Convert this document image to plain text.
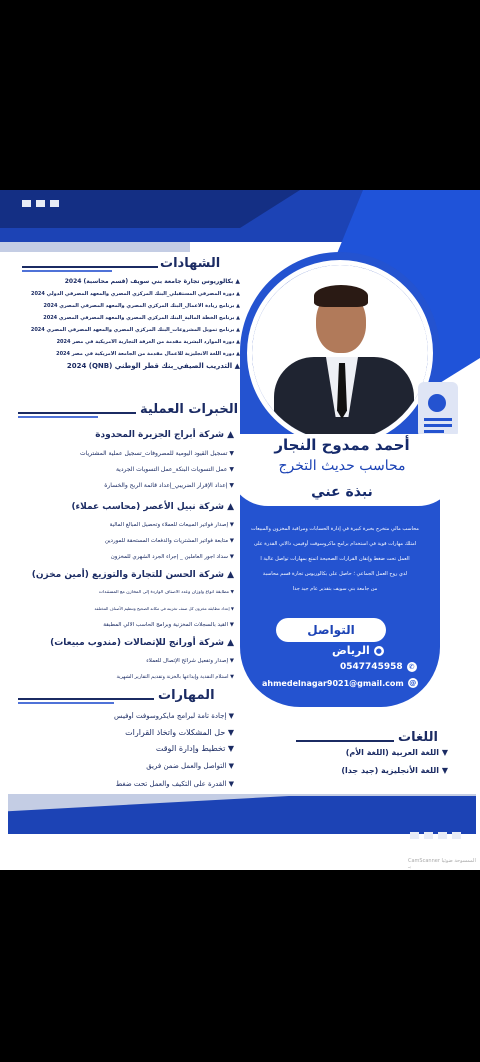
أحمد ممدوح النجار
محاسب حديث التخرج
نبذة عني
محاسب مالي متخرج بخبرة كبيرة في إدارة الحسابات ومراقبة المخزون والمبيعات
امتلك مهارات قوية في استخدام برامج ماكروسوفت أوفيس، دالاتي القدرة على
العمل تحت ضغط وإتقان القرارات الصحيحة اتمتع بمهارات تواصل عالية ا
لدي روح العمل الجماعي ؛ حاصل على بكالوريوس تجارة قسم محاسبة
من جامعة بني سويف بتقدير عام جيد جدا
التواصل
●
الرياض
0547745958 ✆
ahmedelnagar9021@gmail.com @
الشهادات
▲ بكالوريوس تجارة جامعة بني سويف (قسم محاسبة) 2024
▲ دورة المصرفي المستقبلي_البنك المركزي المصري والمعهد المصرفي الدولي 2024
▲ برنامج ريادة الأعمال_البنك المركزي المصري والمعهد المصرفي المصري 2024
▲ برنامج الخطة المالية_البنك المركزي المصري والمعهد المصرفي المصري 2024
▲ برنامج تمويل المشروعات_البنك المركزي المصري والمعهد المصرفي المصري 2024
▲ دورة الموارد البشرية مقدمة من الغرفة التجارية الأمريكية في مصر 2024
▲ دورة اللغة الانجليزية للاعمال مقدمة من الجامعة الأمريكية في مصر 2024
▲ التدريب الصيفي_بنك قطر الوطني (QNB) 2024
الخبرات العملية
▲ شركة أبراج الجزيرة المحدودة
▼ تسجيل القيود اليومية للمصروفات_تسجيل عملية المشتريات
▼ عمل التسويات البنكة_عمل التسويات الجردية
▼ إعداد الإقرار الضريبي_إعداد قائمة الربح والخسارة
▲ شركة نبيل الأعصر (محاسب عملاء)
▼ إصدار فواتير المبيعات للعملاء وتحصيل المبالغ المالية
▼ متابعة فواتير المشتريات والدفعات المستحقة للموردين
▼ سداد أجور العاملين _ إجراء الجرد الشهري للمخزون
▲ شركة الحسن للتجارة والتوزيع (أمين مخزن)
▼ مطابقة أنواع وأوزان وعدد الأصناف الواردة إلى المخازن مع المستندات
▼ إعداد مطابقة مخزون كل صنف تخزينه في مكانه الصحيح وتنظيم الأصناف المختلفة
▼ القيد بالسجلات المخزنية وبرامج الحاسب الآلي المطبقة
▲ شركة أورانج للإتصالات (مندوب مبيعات)
▼ إصدار وتفعيل شرائح الإتصال للعملاء
▼ استلام النقدية وإيداعها بالخزنة وتقديم التقارير الشهرية
المهارات
▼ إجادة تامة لبرامج مايكروسوفت أوفيس
▼ حل المشكلات واتخاذ القرارات
▼ تخطيط وإدارة الوقت
▼ التواصل والعمل ضمن فريق
▼ القدرة على التكيف والعمل تحت ضغط
اللغات
▼ اللغة العربية (اللغة الأم)
▼ اللغة الأنجليزية (جيد جدا)
CamScanner الممسوحة ضوئيا بـ
